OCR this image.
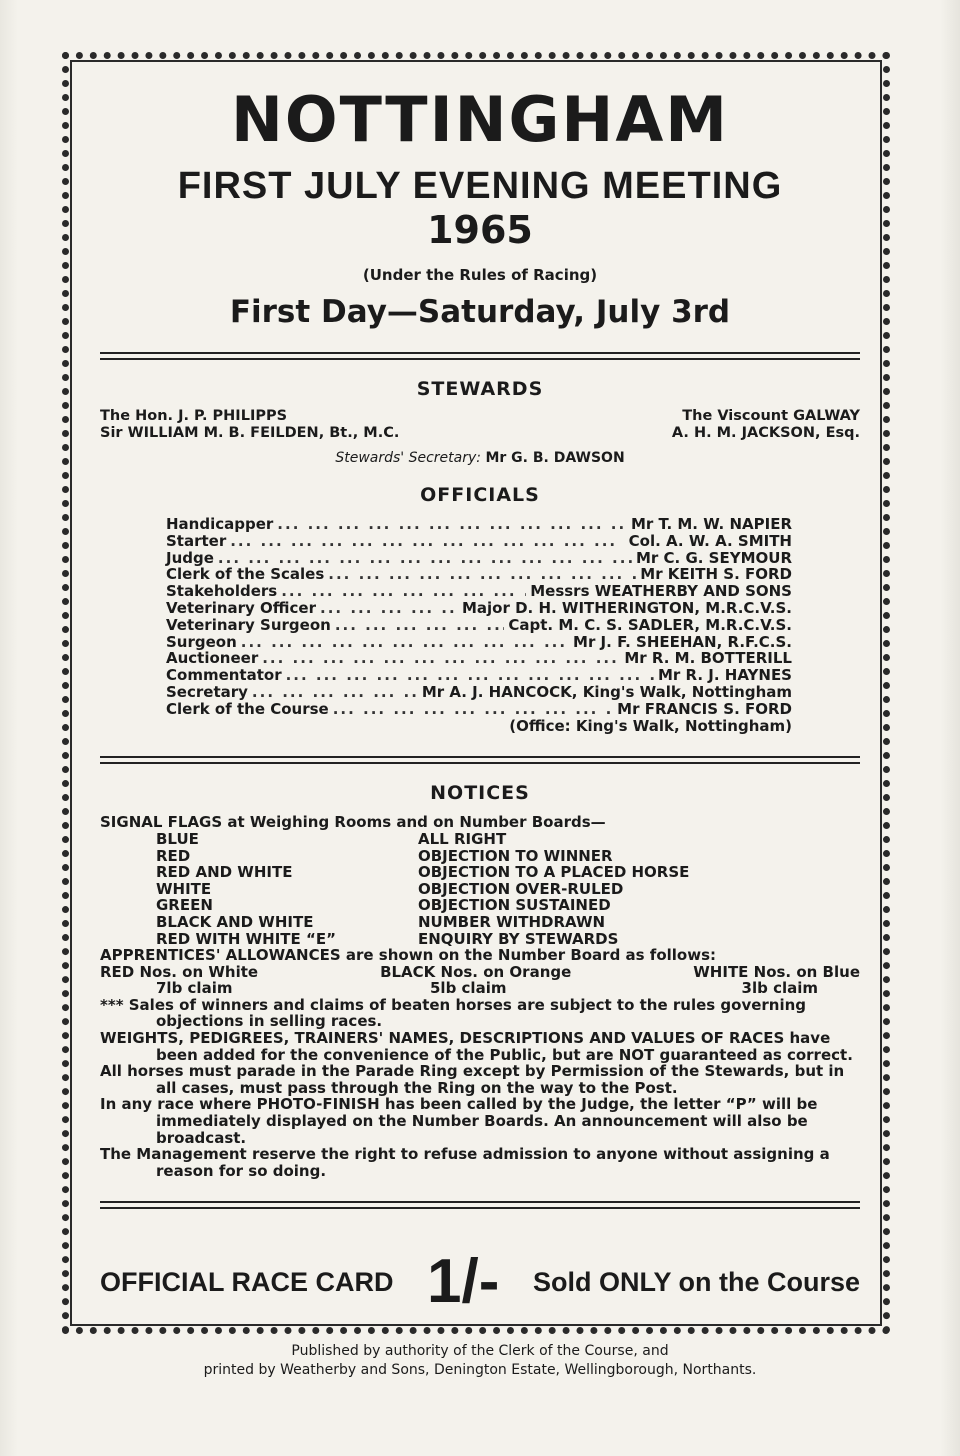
NOTTINGHAM
FIRST JULY EVENING MEETING
1965
(Under the Rules of Racing)
First Day—Saturday, July 3rd
STEWARDS
The Hon. J. P. PHILIPPS
Sir WILLIAM M. B. FEILDEN, Bt., M.C.
The Viscount GALWAY
A. H. M. JACKSON, Esq.
Stewards' Secretary: Mr G. B. DAWSON
OFFICIALS
Handicapper ... .	Mr T. M. W. NAPIER
Starter ... .	Col. A. W. A. SMITH
Judge ... .	Mr C. G. SEYMOUR
Clerk of the Scales ... .	Mr KEITH S. FORD
Stakeholders ... .	Messrs WEATHERBY AND SONS
Veterinary Officer ... .	Major D. H. WITHERINGTON, M.R.C.V.S.
Veterinary Surgeon ... .	Capt. M. C. S. SADLER, M.R.C.V.S.
Surgeon ... .	Mr J. F. SHEEHAN, R.F.C.S.
Auctioneer ... .	Mr R. M. BOTTERILL
Commentator ... .	Mr R. J. HAYNES
Secretary ... .	Mr A. J. HANCOCK, King's Walk, Nottingham
Clerk of the Course ... .	Mr FRANCIS S. FORD
(Office: King's Walk, Nottingham)
NOTICES
SIGNAL FLAGS at Weighing Rooms and on Number Boards—
BLUE	ALL RIGHT
RED	OBJECTION TO WINNER
RED AND WHITE	OBJECTION TO A PLACED HORSE
WHITE	OBJECTION OVER-RULED
GREEN	OBJECTION SUSTAINED
BLACK AND WHITE	NUMBER WITHDRAWN
RED WITH WHITE “E”	ENQUIRY BY STEWARDS
APPRENTICES' ALLOWANCES are shown on the Number Board as follows:
RED Nos. on White	BLACK Nos. on Orange	WHITE Nos. on Blue
7lb claim	5lb claim	3lb claim
*** Sales of winners and claims of beaten horses are subject to the rules governing objections in selling races.
WEIGHTS, PEDIGREES, TRAINERS' NAMES, DESCRIPTIONS AND VALUES OF RACES have been added for the convenience of the Public, but are NOT guaranteed as correct.
All horses must parade in the Parade Ring except by Permission of the Stewards, but in all cases, must pass through the Ring on the way to the Post.
In any race where PHOTO-FINISH has been called by the Judge, the letter “P” will be immediately displayed on the Number Boards. An announcement will also be broadcast.
The Management reserve the right to refuse admission to anyone without assigning a reason for so doing.
OFFICIAL RACE CARD 1/- Sold ONLY on the Course
Published by authority of the Clerk of the Course, and
printed by Weatherby and Sons, Denington Estate, Wellingborough, Northants.
